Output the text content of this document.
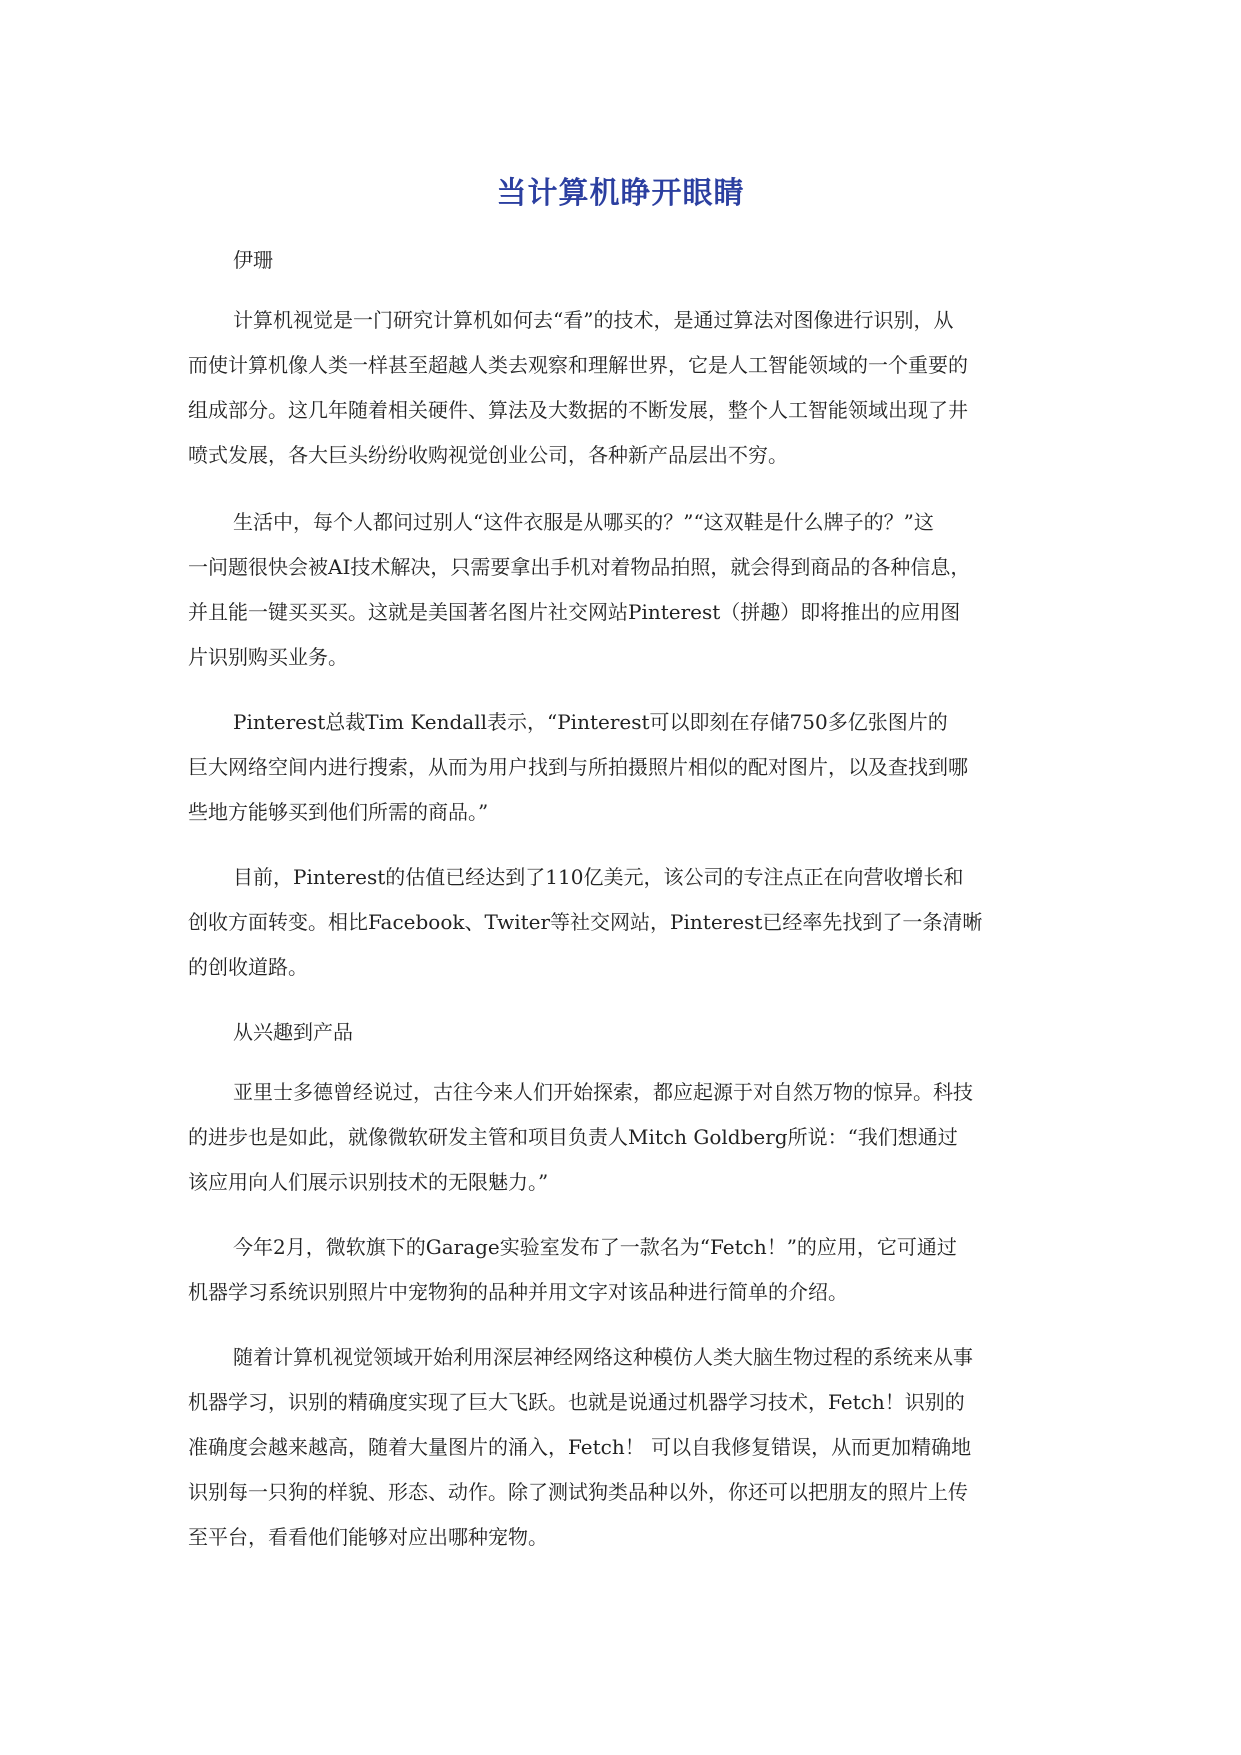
当计算机睁开眼睛

伊珊

计算机视觉是一门研究计算机如何去“看”的技术，是通过算法对图像进行识别，从
而使计算机像人类一样甚至超越人类去观察和理解世界，它是人工智能领域的一个重要的
组成部分。这几年随着相关硬件、算法及大数据的不断发展，整个人工智能领域出现了井
喷式发展，各大巨头纷纷收购视觉创业公司，各种新产品层出不穷。

生活中，每个人都问过别人“这件衣服是从哪买的？”“这双鞋是什么牌子的？”这
一问题很快会被AI技术解决，只需要拿出手机对着物品拍照，就会得到商品的各种信息，
并且能一键买买买。这就是美国著名图片社交网站Pinterest（拼趣）即将推出的应用图
片识别购买业务。

Pinterest总裁Tim Kendall表示，“Pinterest可以即刻在存储750多亿张图片的
巨大网络空间内进行搜索，从而为用户找到与所拍摄照片相似的配对图片，以及查找到哪
些地方能够买到他们所需的商品。”

目前，Pinterest的估值已经达到了110亿美元，该公司的专注点正在向营收增长和
创收方面转变。相比Facebook、Twiter等社交网站，Pinterest已经率先找到了一条清晰
的创收道路。

从兴趣到产品

亚里士多德曾经说过，古往今来人们开始探索，都应起源于对自然万物的惊异。科技
的进步也是如此，就像微软研发主管和项目负责人Mitch Goldberg所说：“我们想通过
该应用向人们展示识别技术的无限魅力。”

今年2月，微软旗下的Garage实验室发布了一款名为“Fetch！”的应用，它可通过
机器学习系统识别照片中宠物狗的品种并用文字对该品种进行简单的介绍。

随着计算机视觉领域开始利用深层神经网络这种模仿人类大脑生物过程的系统来从事
机器学习，识别的精确度实现了巨大飞跃。也就是说通过机器学习技术，Fetch！识别的
准确度会越来越高，随着大量图片的涌入，Fetch！ 可以自我修复错误，从而更加精确地
识别每一只狗的样貌、形态、动作。除了测试狗类品种以外，你还可以把朋友的照片上传
至平台，看看他们能够对应出哪种宠物。
